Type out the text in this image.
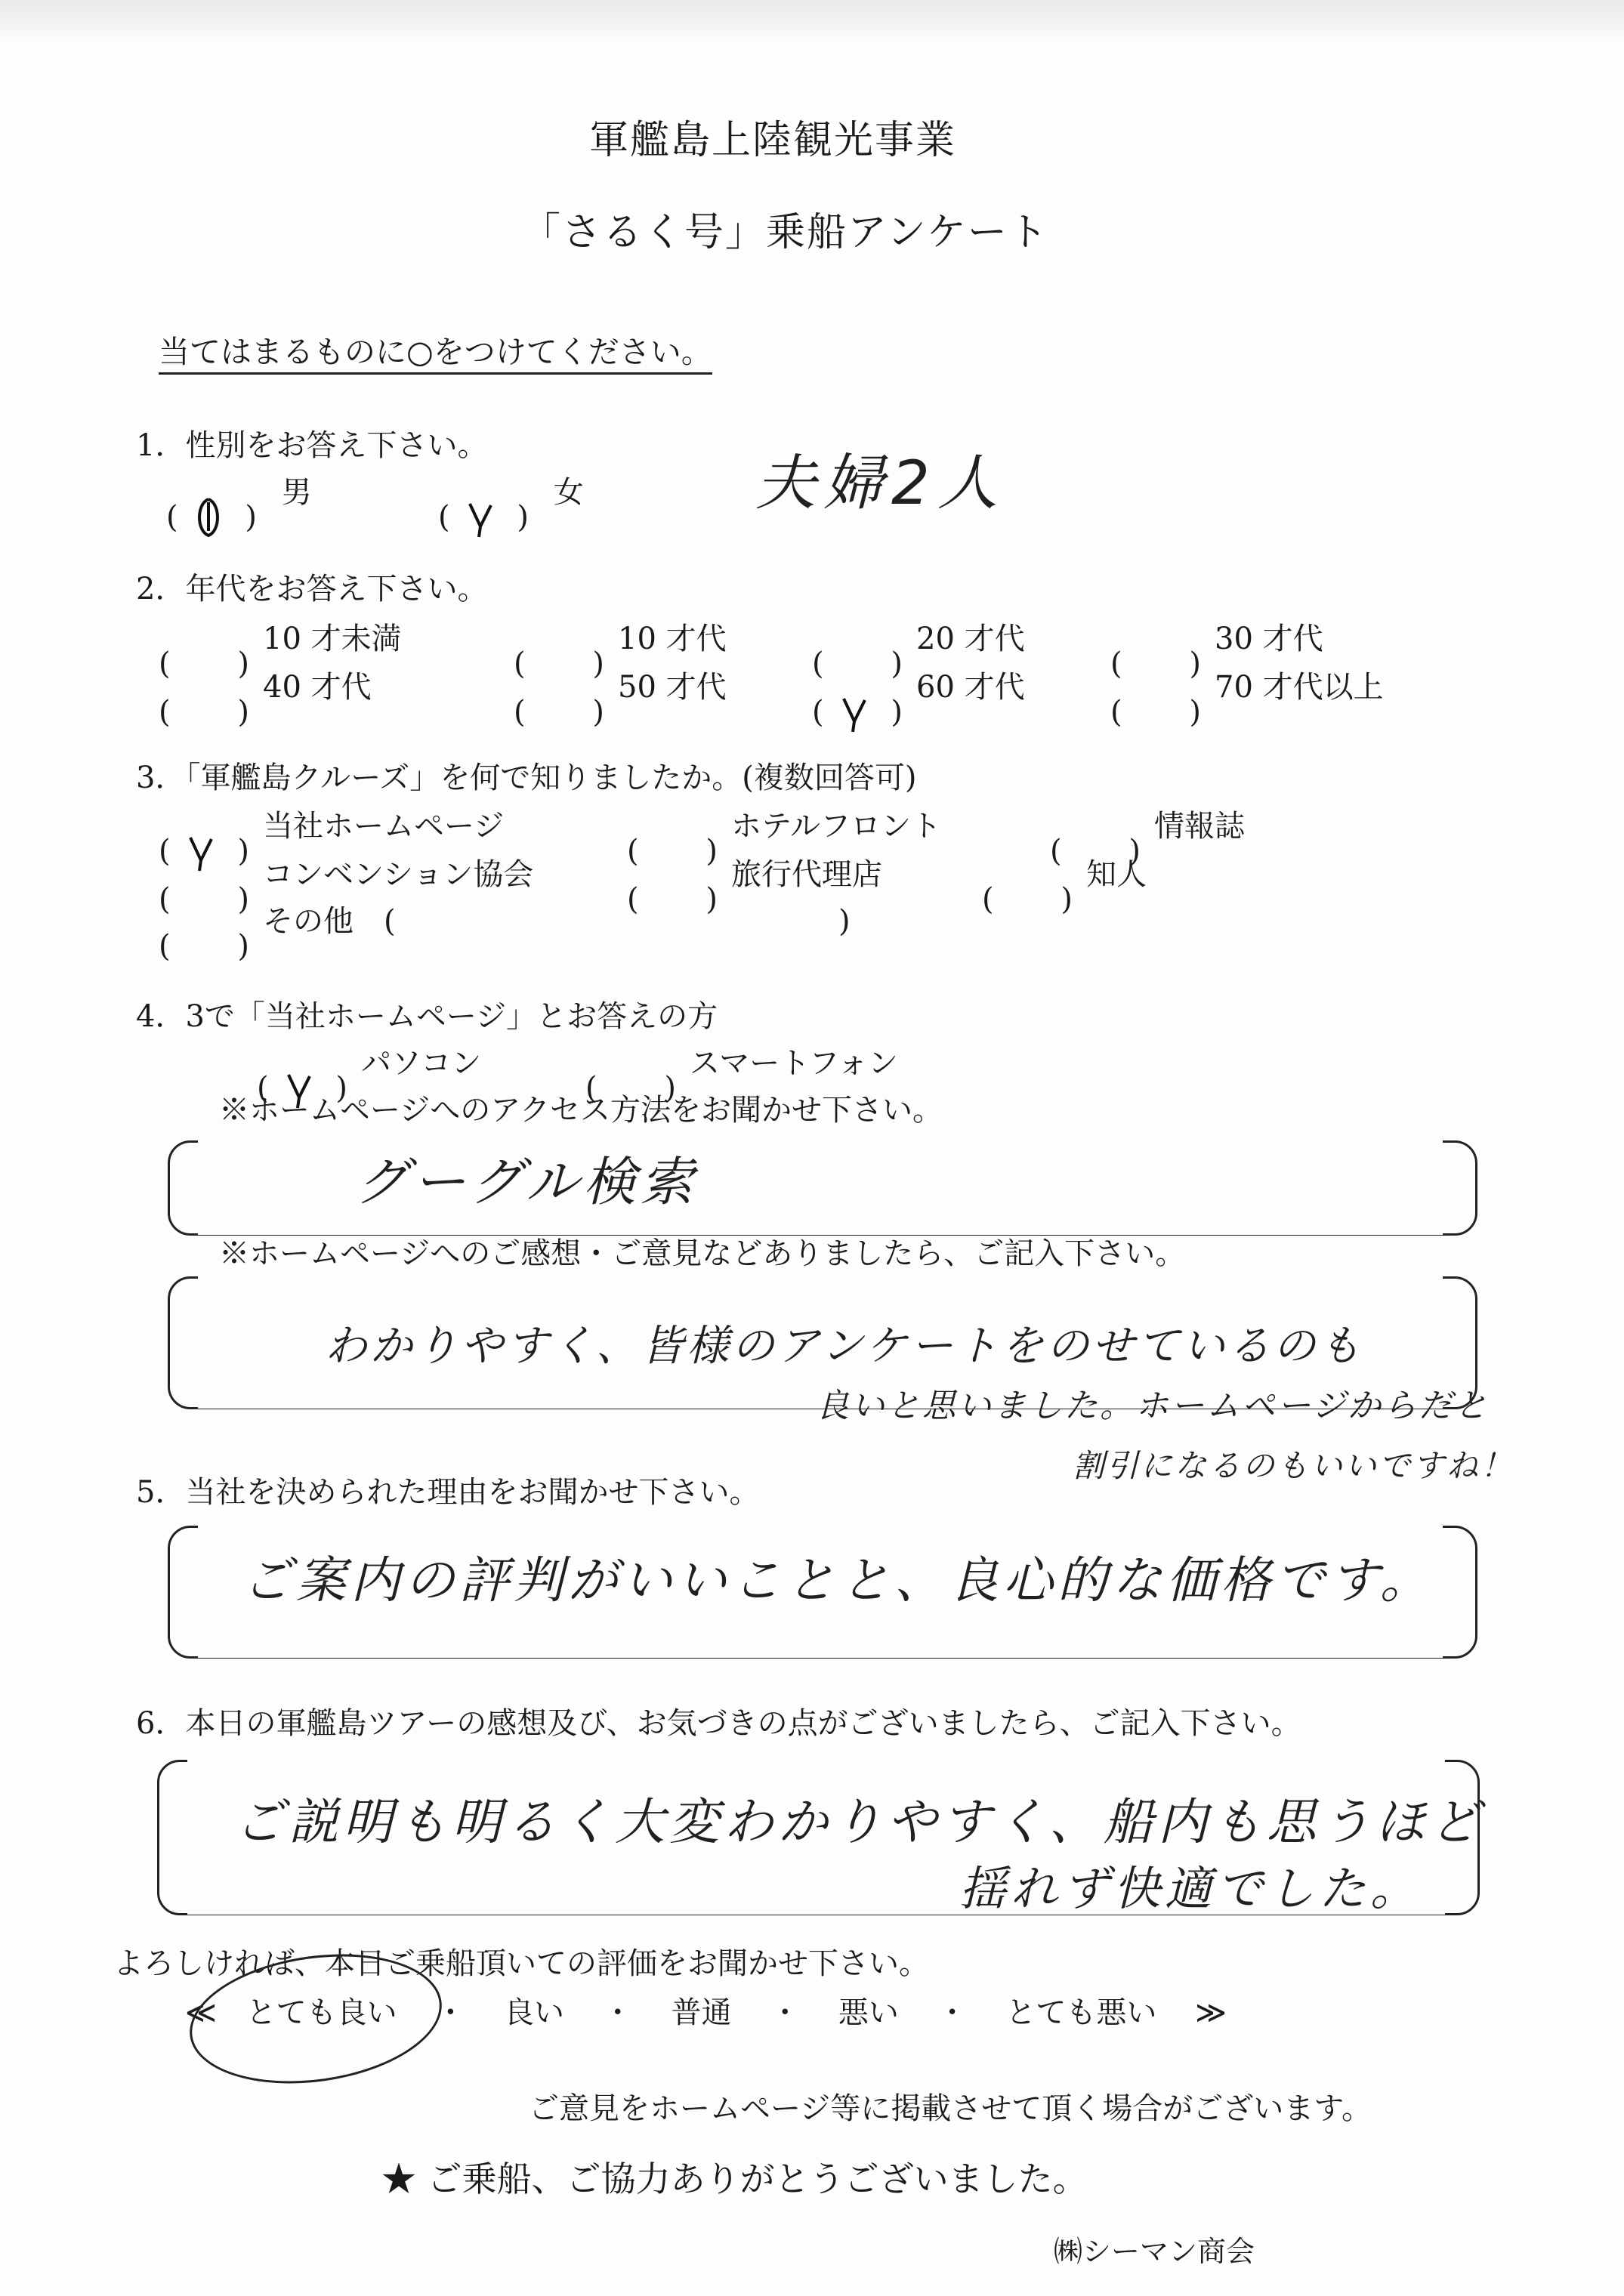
軍艦島上陸観光事業
「さるく号」乗船アンケート
当てはまるものに○をつけてください。
1．性別をお答え下さい。
男	女	夫婦2人
2．年代をお答え下さい。
10 才未満	10 才代	20 才代	30 才代
40 才代	50 才代	60 才代	70 才代以上
3．「軍艦島クルーズ」を何で知りましたか。(複数回答可)
当社ホームページ	ホテルフロント	情報誌
コンベンション協会	旅行代理店	知人
その他 (	)
4．3で「当社ホームページ」とお答えの方
パソコン	スマートフォン
※ホームページへのアクセス方法をお聞かせ下さい。
グーグル検索
※ホームページへのご感想・ご意見などありましたら、ご記入下さい。
わかりやすく、皆様のアンケートをのせているのも
良いと思いました。ホームページからだと
割引になるのもいいですね！
5．当社を決められた理由をお聞かせ下さい。
ご案内の評判がいいことと、良心的な価格です。
6．本日の軍艦島ツアーの感想及び、お気づきの点がございましたら、ご記入下さい。
ご説明も明るく大変わかりやすく、船内も思うほど
揺れず快適でした。
よろしければ、本日ご乗船頂いての評価をお聞かせ下さい。
≪ とても良い ・ 良い ・ 普通 ・ 悪い ・ とても悪い ≫
ご意見をホームページ等に掲載させて頂く場合がございます。
★ ご乗船、ご協力ありがとうございました。
㈱シーマン商会
